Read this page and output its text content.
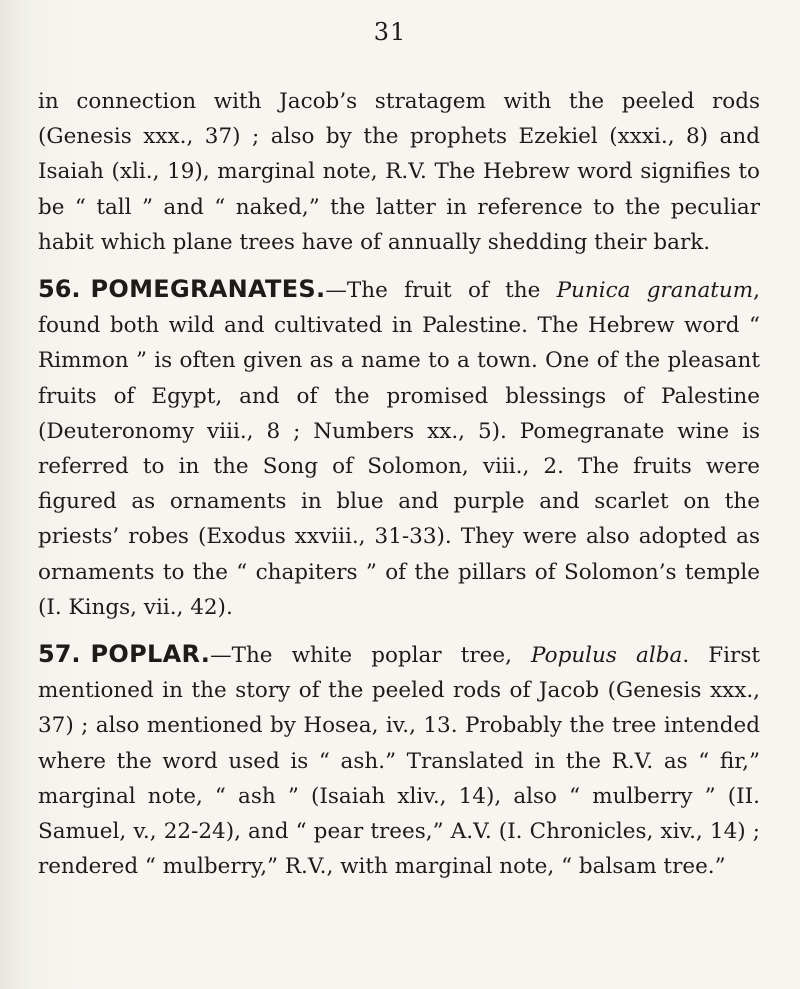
31

in connection with Jacob’s stratagem with the peeled rods (Genesis xxx., 37) ; also by the prophets Ezekiel (xxxi., 8) and Isaiah (xli., 19), marginal note, R.V. The Hebrew word signifies to be “ tall ” and “ naked,” the latter in reference to the peculiar habit which plane trees have of annually shedding their bark.

56. POMEGRANATES.—The fruit of the Punica granatum, found both wild and cultivated in Palestine. The Hebrew word “ Rimmon ” is often given as a name to a town. One of the pleasant fruits of Egypt, and of the promised blessings of Palestine (Deuteronomy viii., 8 ; Numbers xx., 5). Pomegranate wine is referred to in the Song of Solomon, viii., 2. The fruits were figured as ornaments in blue and purple and scarlet on the priests’ robes (Exodus xxviii., 31-33). They were also adopted as ornaments to the “ chapiters ” of the pillars of Solomon’s temple (I. Kings, vii., 42).

57. POPLAR.—The white poplar tree, Populus alba. First mentioned in the story of the peeled rods of Jacob (Genesis xxx., 37) ; also mentioned by Hosea, iv., 13. Probably the tree intended where the word used is “ ash.” Translated in the R.V. as “ fir,” marginal note, “ ash ” (Isaiah xliv., 14), also “ mulberry ” (II. Samuel, v., 22-24), and “ pear trees,” A.V. (I. Chronicles, xiv., 14) ; rendered “ mulberry,” R.V., with marginal note, “ balsam tree.”
